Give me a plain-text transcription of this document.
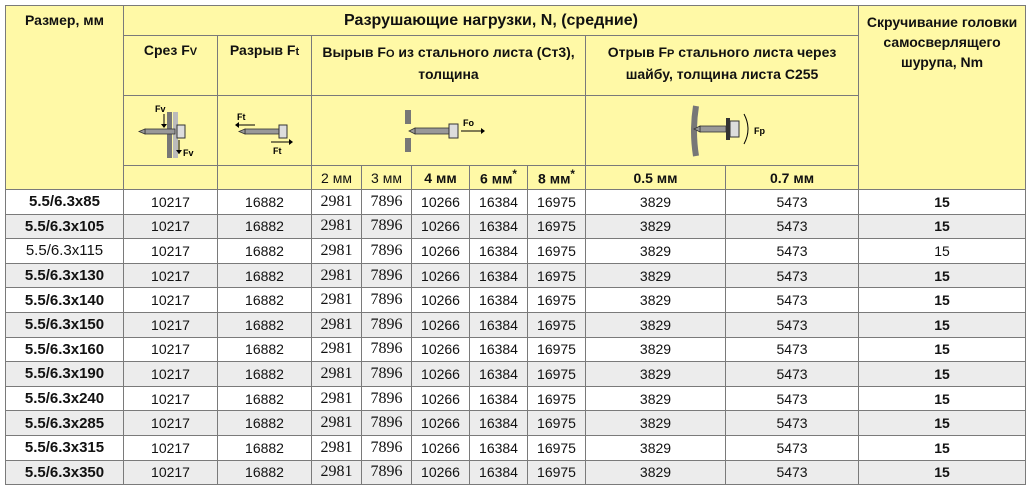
Размер, мм	Разрушающие нагрузки, N, (средние)									Скручивание головки самосверлящего шурупа, Nm
	Срез FV	Разрыв Ft	Вырыв FO из стального листа (Ст3), толщина					Отрыв FP стального листа через шайбу, толщина листа С255		

Fv
Fv	Ft
Ft	Fo					Fp		

			2 мм	3 мм	4 мм	6 мм*	8 мм*	0.5 мм	0.7 мм	
5.5/6.3x85	10217	16882	2981	7896	10266	16384	16975	3829	5473	15
5.5/6.3x105	10217	16882	2981	7896	10266	16384	16975	3829	5473	15
5.5/6.3x115	10217	16882	2981	7896	10266	16384	16975	3829	5473	15
5.5/6.3x130	10217	16882	2981	7896	10266	16384	16975	3829	5473	15
5.5/6.3x140	10217	16882	2981	7896	10266	16384	16975	3829	5473	15
5.5/6.3x150	10217	16882	2981	7896	10266	16384	16975	3829	5473	15
5.5/6.3x160	10217	16882	2981	7896	10266	16384	16975	3829	5473	15
5.5/6.3x190	10217	16882	2981	7896	10266	16384	16975	3829	5473	15
5.5/6.3x240	10217	16882	2981	7896	10266	16384	16975	3829	5473	15
5.5/6.3x285	10217	16882	2981	7896	10266	16384	16975	3829	5473	15
5.5/6.3x315	10217	16882	2981	7896	10266	16384	16975	3829	5473	15
5.5/6.3x350	10217	16882	2981	7896	10266	16384	16975	3829	5473	15
